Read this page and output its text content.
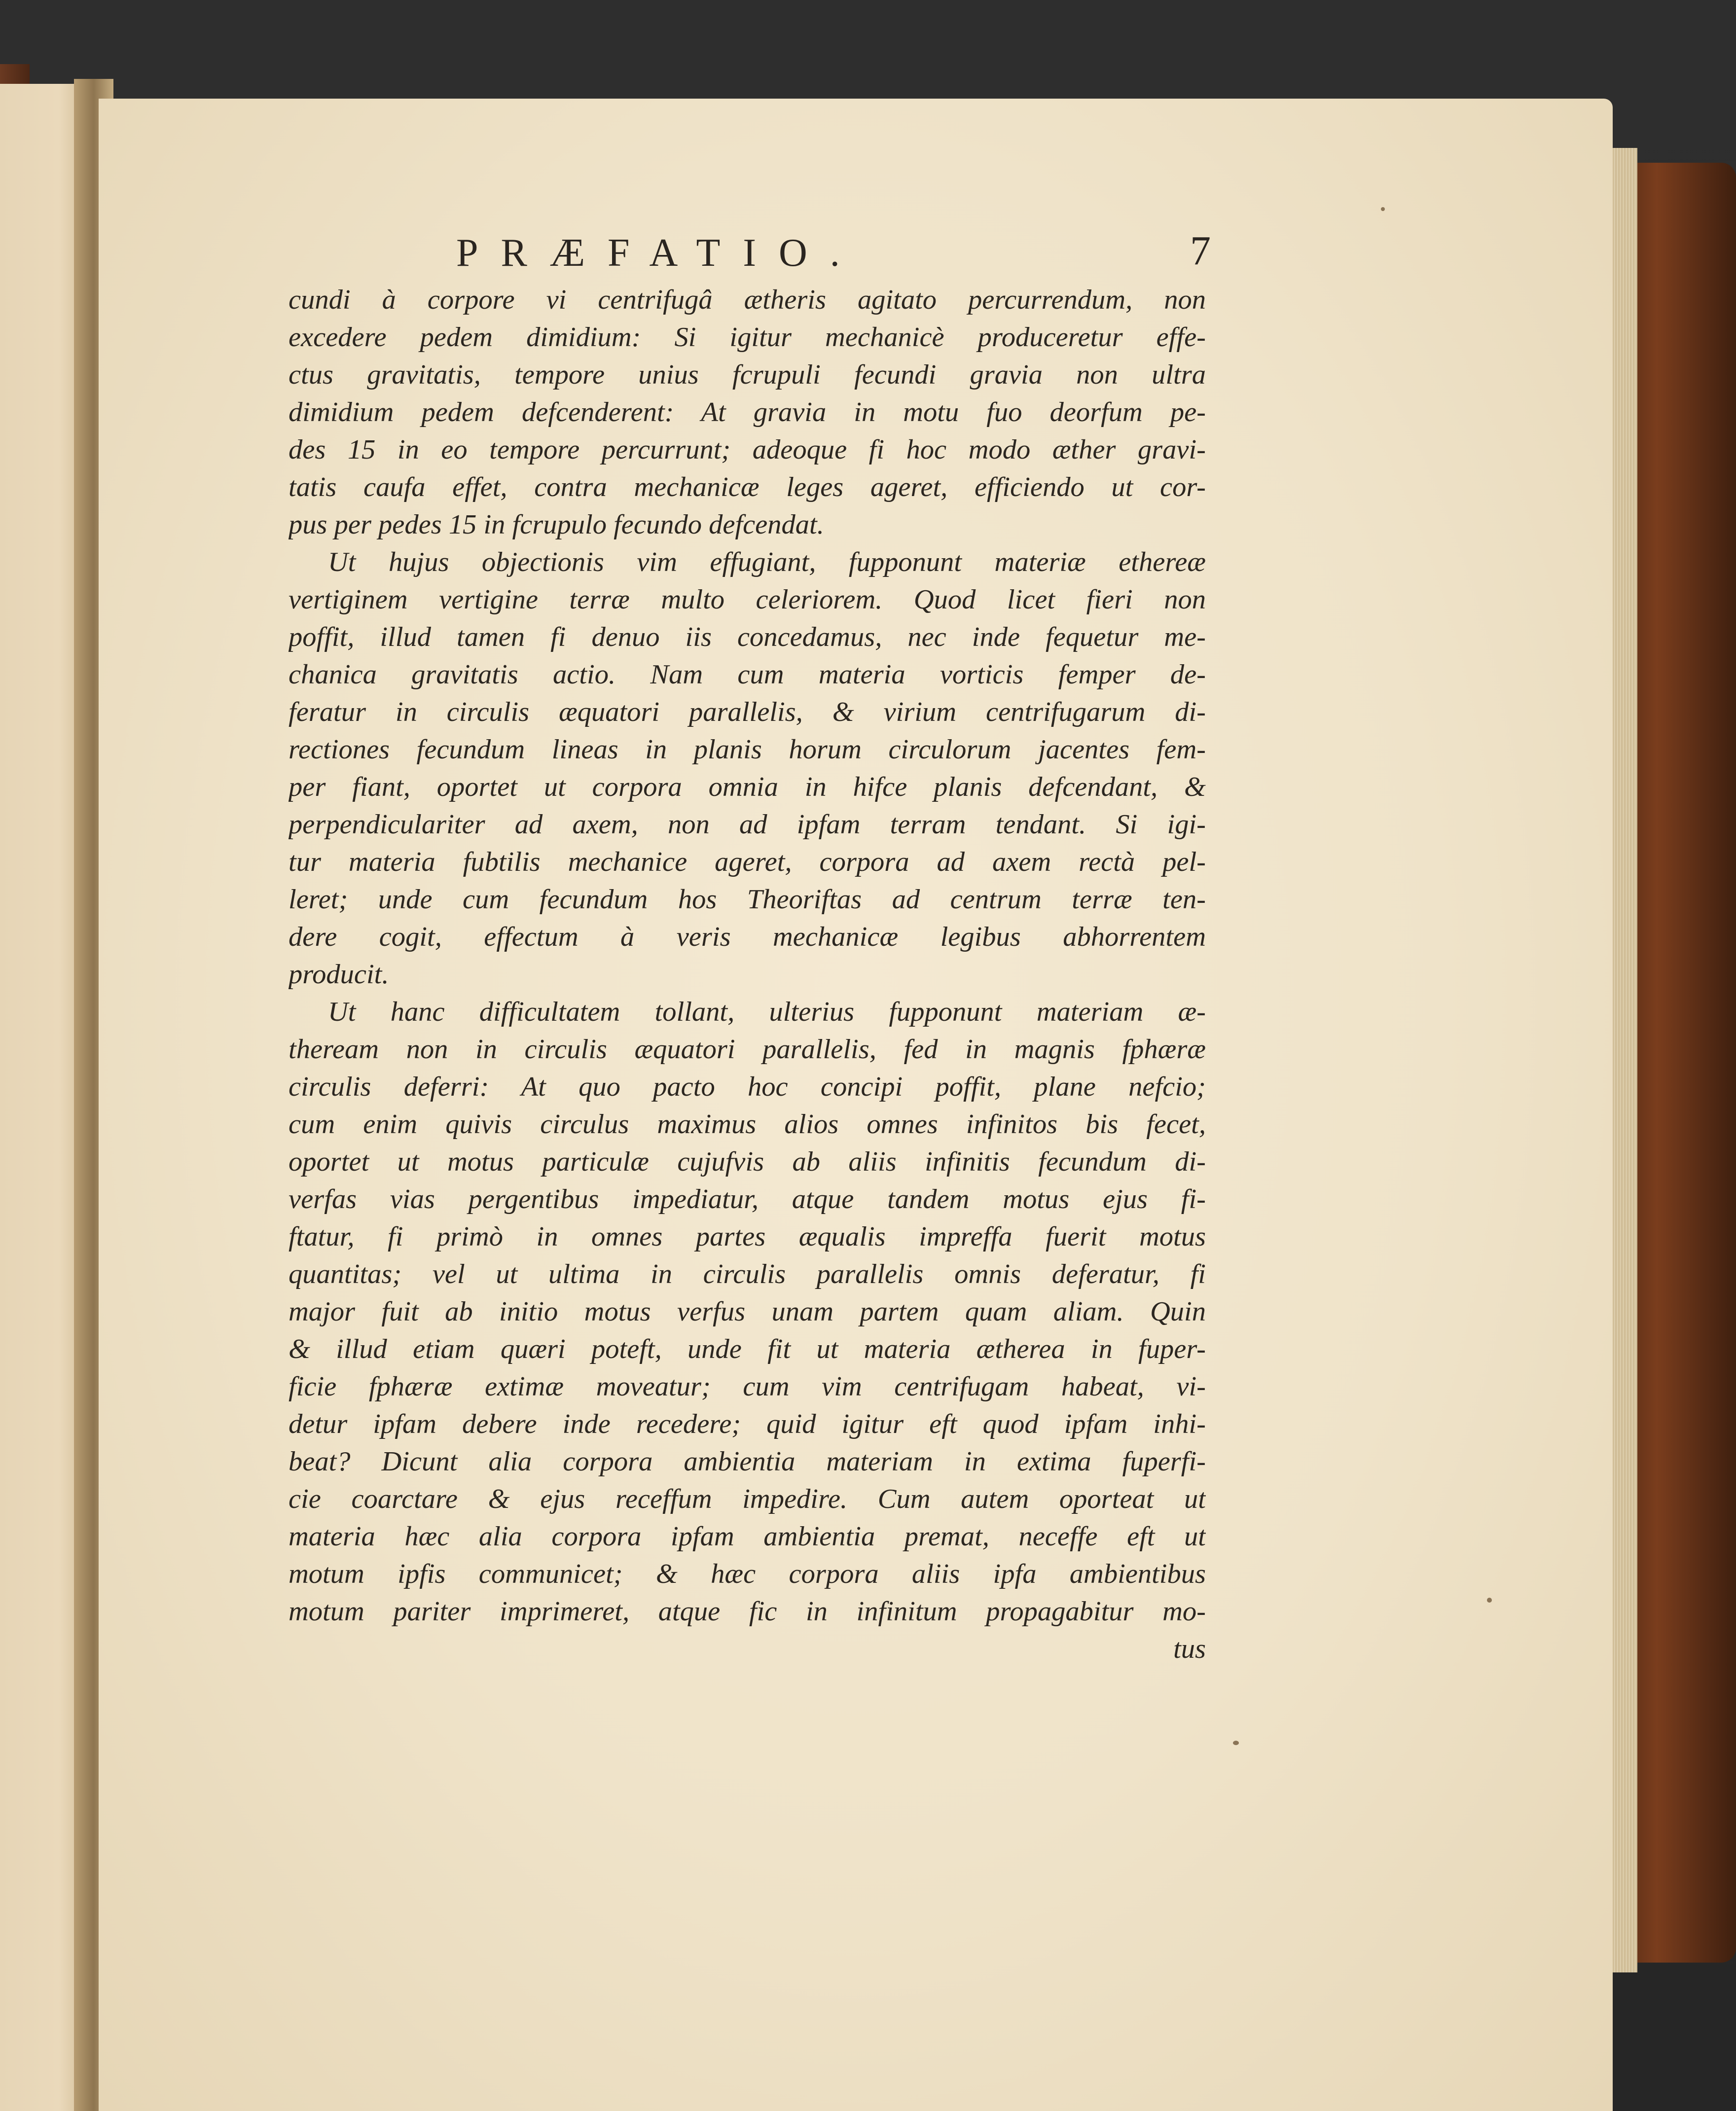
PRÆFATIO.	7
cundi à corpore vi centrifugâ ætheris agitato percurrendum, non
excedere pedem dimidium: Si igitur mechanicè produceretur effe-
ctus gravitatis, tempore unius fcrupuli fecundi gravia non ultra
dimidium pedem defcenderent: At gravia in motu fuo deorfum pe-
des 15 in eo tempore percurrunt; adeoque fi hoc modo æther gravi-
tatis caufa effet, contra mechanicæ leges ageret, efficiendo ut cor-
pus per pedes 15 in fcrupulo fecundo defcendat.
Ut hujus objectionis vim effugiant, fupponunt materiæ ethereæ
vertiginem vertigine terræ multo celeriorem. Quod licet fieri non
poffit, illud tamen fi denuo iis concedamus, nec inde fequetur me-
chanica gravitatis actio. Nam cum materia vorticis femper de-
feratur in circulis æquatori parallelis, & virium centrifugarum di-
rectiones fecundum lineas in planis horum circulorum jacentes fem-
per fiant, oportet ut corpora omnia in hifce planis defcendant, &
perpendiculariter ad axem, non ad ipfam terram tendant. Si igi-
tur materia fubtilis mechanice ageret, corpora ad axem rectà pel-
leret; unde cum fecundum hos Theoriftas ad centrum terræ ten-
dere cogit, effectum à veris mechanicæ legibus abhorrentem
producit.
Ut hanc difficultatem tollant, ulterius fupponunt materiam æ-
theream non in circulis æquatori parallelis, fed in magnis fphæræ
circulis deferri: At quo pacto hoc concipi poffit, plane nefcio;
cum enim quivis circulus maximus alios omnes infinitos bis fecet,
oportet ut motus particulæ cujufvis ab aliis infinitis fecundum di-
verfas vias pergentibus impediatur, atque tandem motus ejus fi-
ftatur, fi primò in omnes partes æqualis impreffa fuerit motus
quantitas; vel ut ultima in circulis parallelis omnis deferatur, fi
major fuit ab initio motus verfus unam partem quam aliam. Quin
& illud etiam quæri poteft, unde fit ut materia ætherea in fuper-
ficie fphæræ extimæ moveatur; cum vim centrifugam habeat, vi-
detur ipfam debere inde recedere; quid igitur eft quod ipfam inhi-
beat? Dicunt alia corpora ambientia materiam in extima fuperfi-
cie coarctare & ejus receffum impedire. Cum autem oporteat ut
materia hæc alia corpora ipfam ambientia premat, neceffe eft ut
motum ipfis communicet; & hæc corpora aliis ipfa ambientibus
motum pariter imprimeret, atque fic in infinitum propagabitur mo-
tus
